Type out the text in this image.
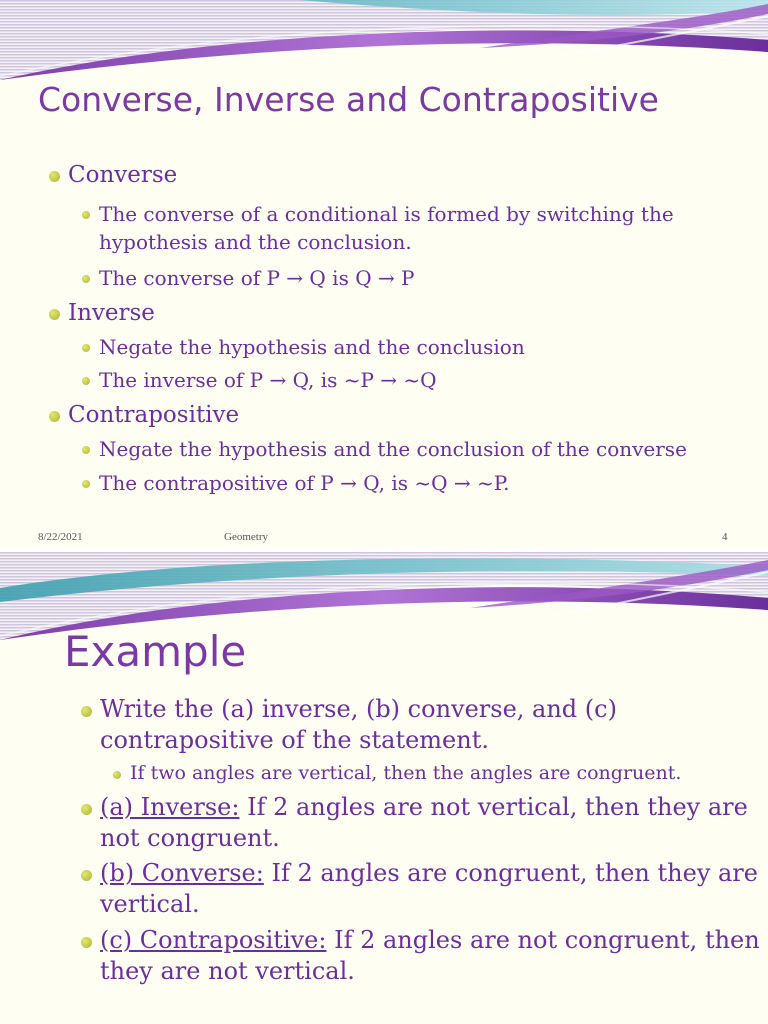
Converse, Inverse and Contrapositive

Converse

The converse of a conditional is formed by switching the

hypothesis and the conclusion.

The converse of P → Q is Q → P

Inverse

Negate the hypothesis and the conclusion

The inverse of P → Q, is ~P → ~Q

Contrapositive

Negate the hypothesis and the conclusion of the converse

The contrapositive of P → Q, is ~Q → ~P.

8/22/2021	Geometry	4
Example

Write the (a) inverse, (b) converse, and (c)

contrapositive of the statement.

If two angles are vertical, then the angles are congruent.

(a) Inverse: If 2 angles are not vertical, then they are

not congruent.

(b) Converse: If 2 angles are congruent, then they are

vertical.

(c) Contrapositive: If 2 angles are not congruent, then

they are not vertical.
